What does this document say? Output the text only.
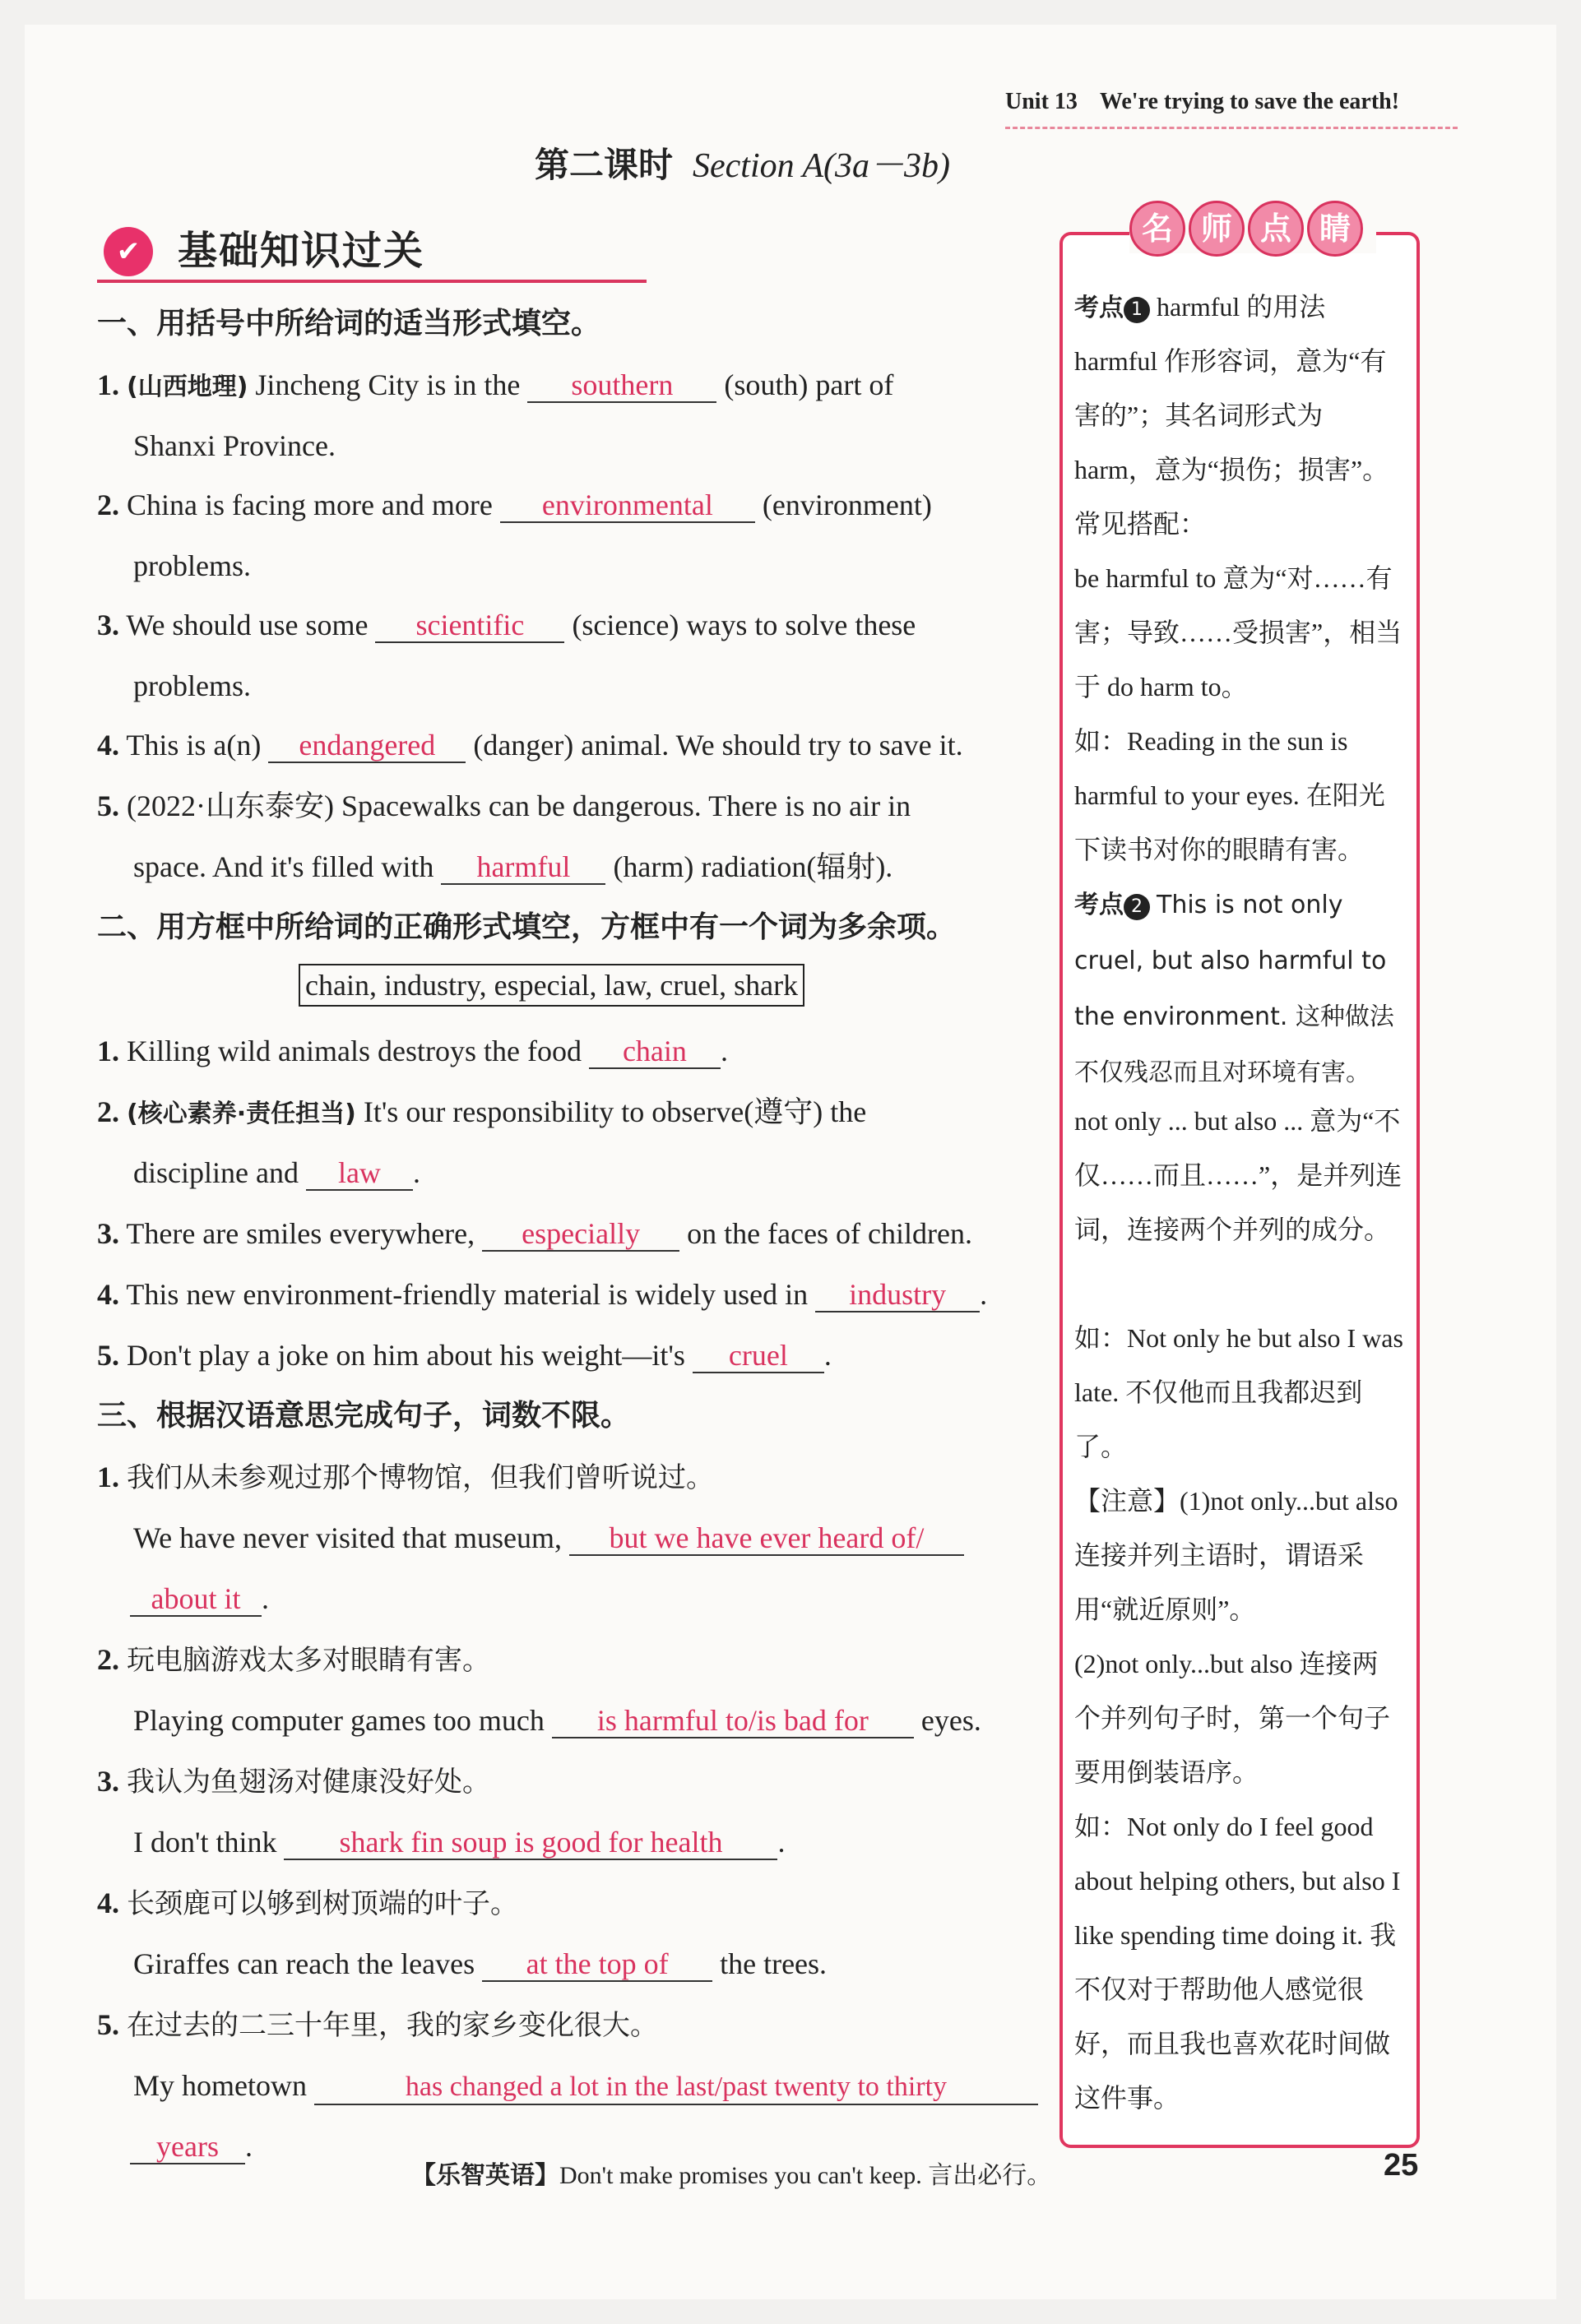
Unit 13 We're trying to save the earth!
第二课时 Section A(3a－3b)
✔ 基础知识过关
一、用括号中所给词的适当形式填空。
1. (山西地理) Jincheng City is in the southern (south) part of
Shanxi Province.
2. China is facing more and more environmental (environment)
problems.
3. We should use some scientific (science) ways to solve these
problems.
4. This is a(n) endangered (danger) animal. We should try to save it.
5. (2022·山东泰安) Spacewalks can be dangerous. There is no air in
space. And it's filled with harmful (harm) radiation(辐射).
二、用方框中所给词的正确形式填空，方框中有一个词为多余项。
chain, industry, especial, law, cruel, shark
1. Killing wild animals destroys the food chain .
2. (核心素养·责任担当) It's our responsibility to observe(遵守) the
discipline and law .
3. There are smiles everywhere, especially on the faces of children.
4. This new environment-friendly material is widely used in industry .
5. Don't play a joke on him about his weight—it's cruel .
三、根据汉语意思完成句子，词数不限。
1. 我们从未参观过那个博物馆，但我们曾听说过。
We have never visited that museum, but we have ever heard of/
about it .
2. 玩电脑游戏太多对眼睛有害。
Playing computer games too much is harmful to/is bad for eyes.
3. 我认为鱼翅汤对健康没好处。
I don't think shark fin soup is good for health .
4. 长颈鹿可以够到树顶端的叶子。
Giraffes can reach the leaves at the top of the trees.
5. 在过去的二三十年里，我的家乡变化很大。
My hometown	has changed a lot in the last/past twenty to thirty
years .
名 师 点 睛
考点 1 harmful 的用法
harmful 作形容词，意为“有害的”；其名词形式为 harm，意为“损伤；损害”。常见搭配：
be harmful to 意为“对……有害；导致……受损害”，相当于 do harm to。
如：Reading in the sun is harmful to your eyes. 在阳光下读书对你的眼睛有害。
考点 2 This is not only cruel, but also harmful to the environment. 这种做法不仅残忍而且对环境有害。
not only ... but also ... 意为“不仅……而且……”，是并列连词，连接两个并列的成分。
如：Not only he but also I was late. 不仅他而且我都迟到了。
【注意】(1)not only...but also 连接并列主语时，谓语采用“就近原则”。
(2)not only...but also 连接两个并列句子时，第一个句子要用倒装语序。
如：Not only do I feel good about helping others, but also I like spending time doing it. 我不仅对于帮助他人感觉很好，而且我也喜欢花时间做这件事。
【乐智英语】Don't make promises you can't keep. 言出必行。	25
